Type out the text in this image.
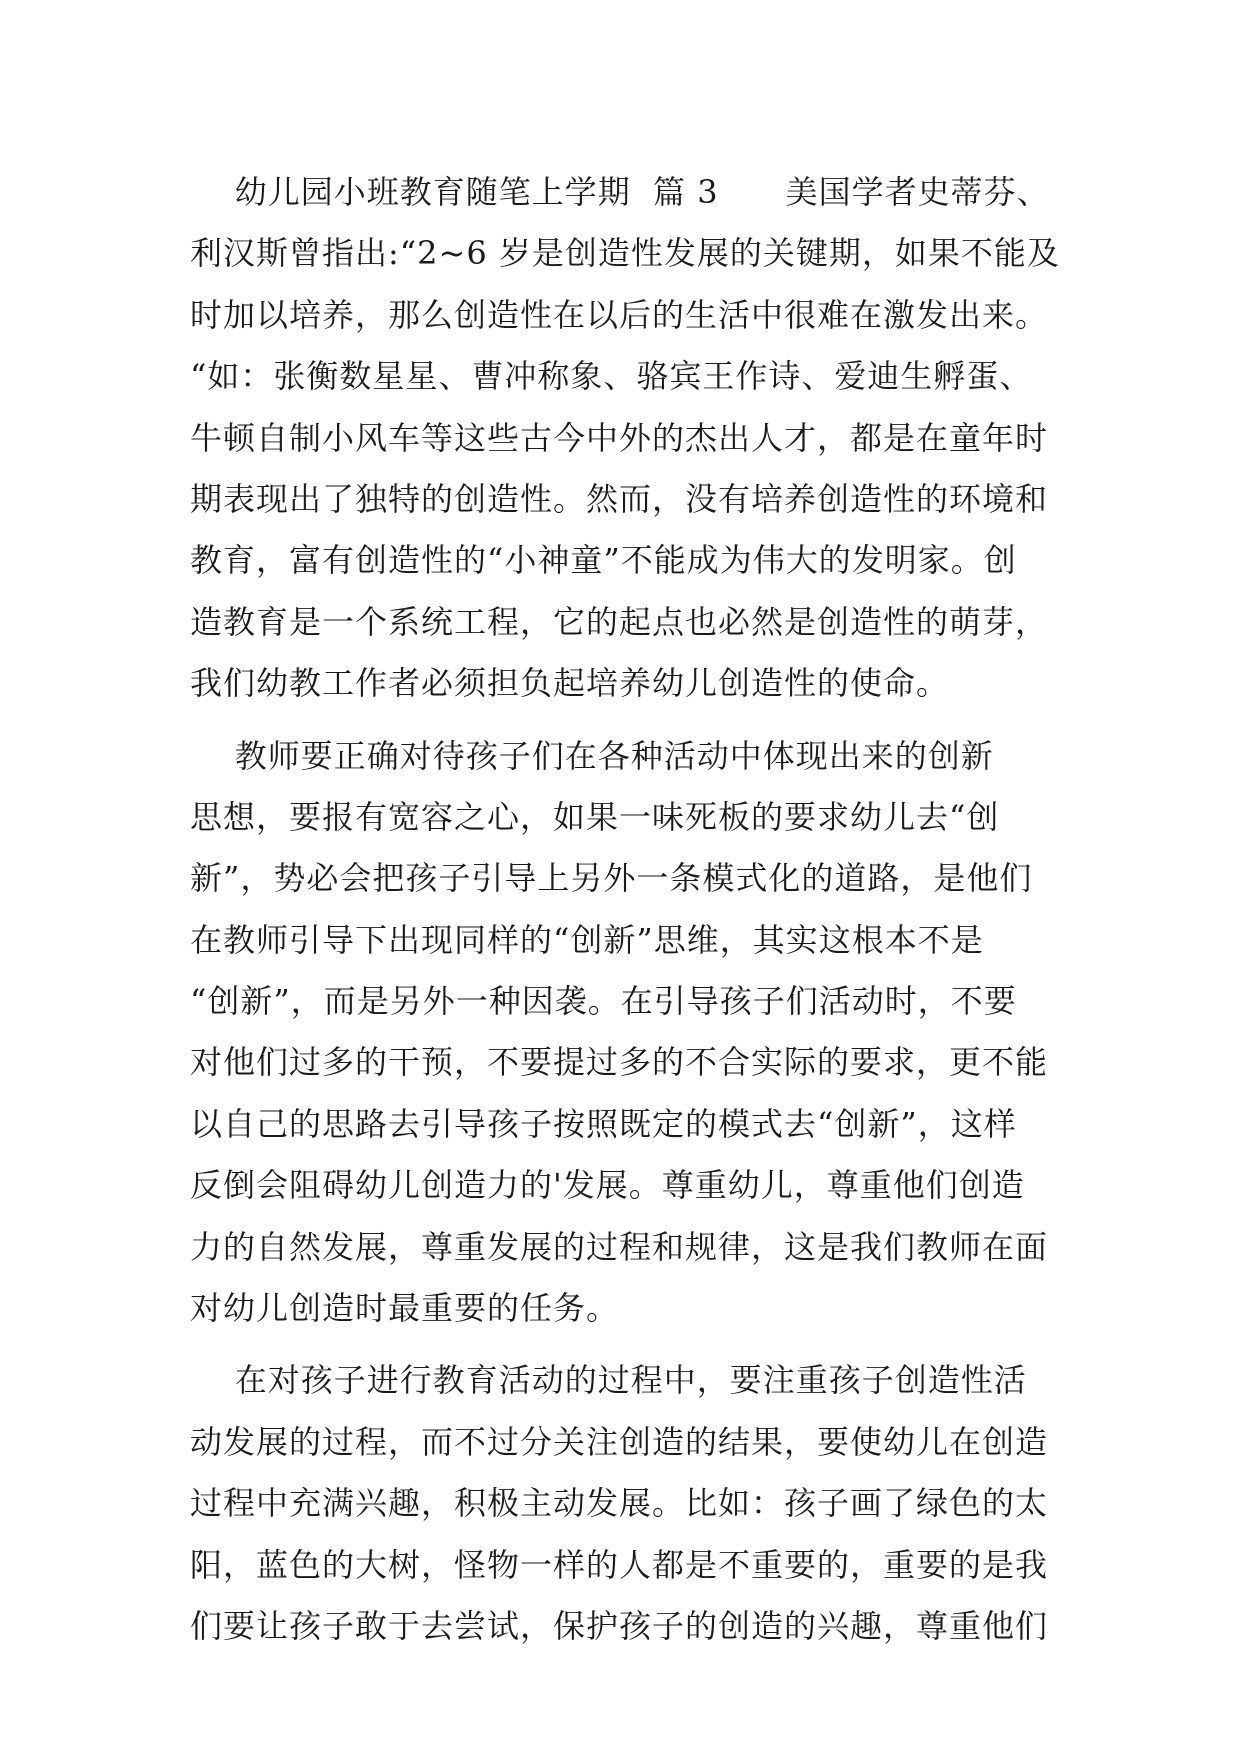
幼儿园小班教育随笔上学期  篇 3      美国学者史蒂芬、
利汉斯曾指出:“2~6 岁是创造性发展的关键期，如果不能及
时加以培养，那么创造性在以后的生活中很难在激发出来。
“如：张衡数星星、曹冲称象、骆宾王作诗、爱迪生孵蛋、
牛顿自制小风车等这些古今中外的杰出人才，都是在童年时
期表现出了独特的创造性。然而，没有培养创造性的环境和
教育，富有创造性的“小神童”不能成为伟大的发明家。创
造教育是一个系统工程，它的起点也必然是创造性的萌芽，
我们幼教工作者必须担负起培养幼儿创造性的使命。
教师要正确对待孩子们在各种活动中体现出来的创新
思想，要报有宽容之心，如果一味死板的要求幼儿去“创
新”，势必会把孩子引导上另外一条模式化的道路，是他们
在教师引导下出现同样的“创新”思维，其实这根本不是
“创新”，而是另外一种因袭。在引导孩子们活动时，不要
对他们过多的干预，不要提过多的不合实际的要求，更不能
以自己的思路去引导孩子按照既定的模式去“创新”，这样
反倒会阻碍幼儿创造力的'发展。尊重幼儿，尊重他们创造
力的自然发展，尊重发展的过程和规律，这是我们教师在面
对幼儿创造时最重要的任务。
在对孩子进行教育活动的过程中，要注重孩子创造性活
动发展的过程，而不过分关注创造的结果，要使幼儿在创造
过程中充满兴趣，积极主动发展。比如：孩子画了绿色的太
阳，蓝色的大树，怪物一样的人都是不重要的，重要的是我
们要让孩子敢于去尝试，保护孩子的创造的兴趣，尊重他们
